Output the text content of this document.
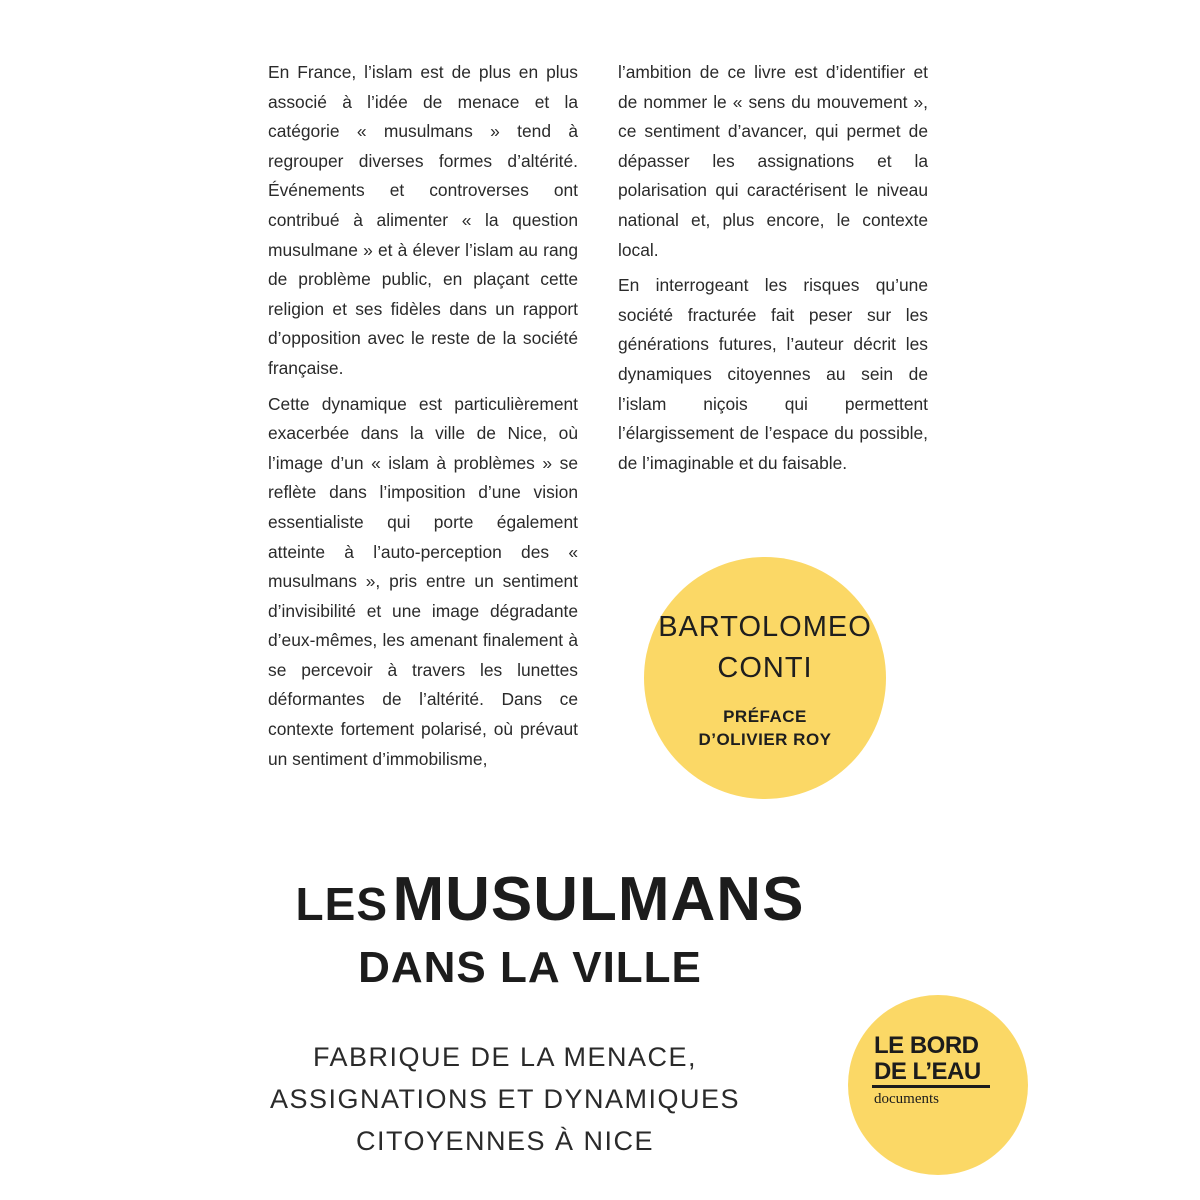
En France, l’islam est de plus en plus associé à l’idée de menace et la catégorie « musulmans » tend à regrouper diverses formes d’altérité. Événements et controverses ont contribué à alimenter « la question musulmane » et à élever l’islam au rang de problème public, en plaçant cette religion et ses fidèles dans un rapport d’opposition avec le reste de la société française.

Cette dynamique est particulièrement exacerbée dans la ville de Nice, où l’image d’un « islam à problèmes » se reflète dans l’imposition d’une vision essentialiste qui porte également atteinte à l’auto-perception des « musulmans », pris entre un sentiment d’invisibilité et une image dégradante d’eux-mêmes, les amenant finalement à se percevoir à travers les lunettes déformantes de l’altérité. Dans ce contexte fortement polarisé, où prévaut un sentiment d’immobilisme,

l’ambition de ce livre est d’identifier et de nommer le « sens du mouvement », ce sentiment d’avancer, qui permet de dépasser les assignations et la polarisation qui caractérisent le niveau national et, plus encore, le contexte local.

En interrogeant les risques qu’une société fracturée fait peser sur les générations futures, l’auteur décrit les dynamiques citoyennes au sein de l’islam niçois qui permettent l’élargissement de l’espace du possible, de l’imaginable et du faisable.

BARTOLOMEO
CONTI
PRÉFACE
D’OLIVIER ROY
LES MUSULMANS
DANS LA VILLE
FABRIQUE DE LA MENACE,
ASSIGNATIONS ET DYNAMIQUES
CITOYENNES À NICE
LE BORD
DE L’EAU
documents
